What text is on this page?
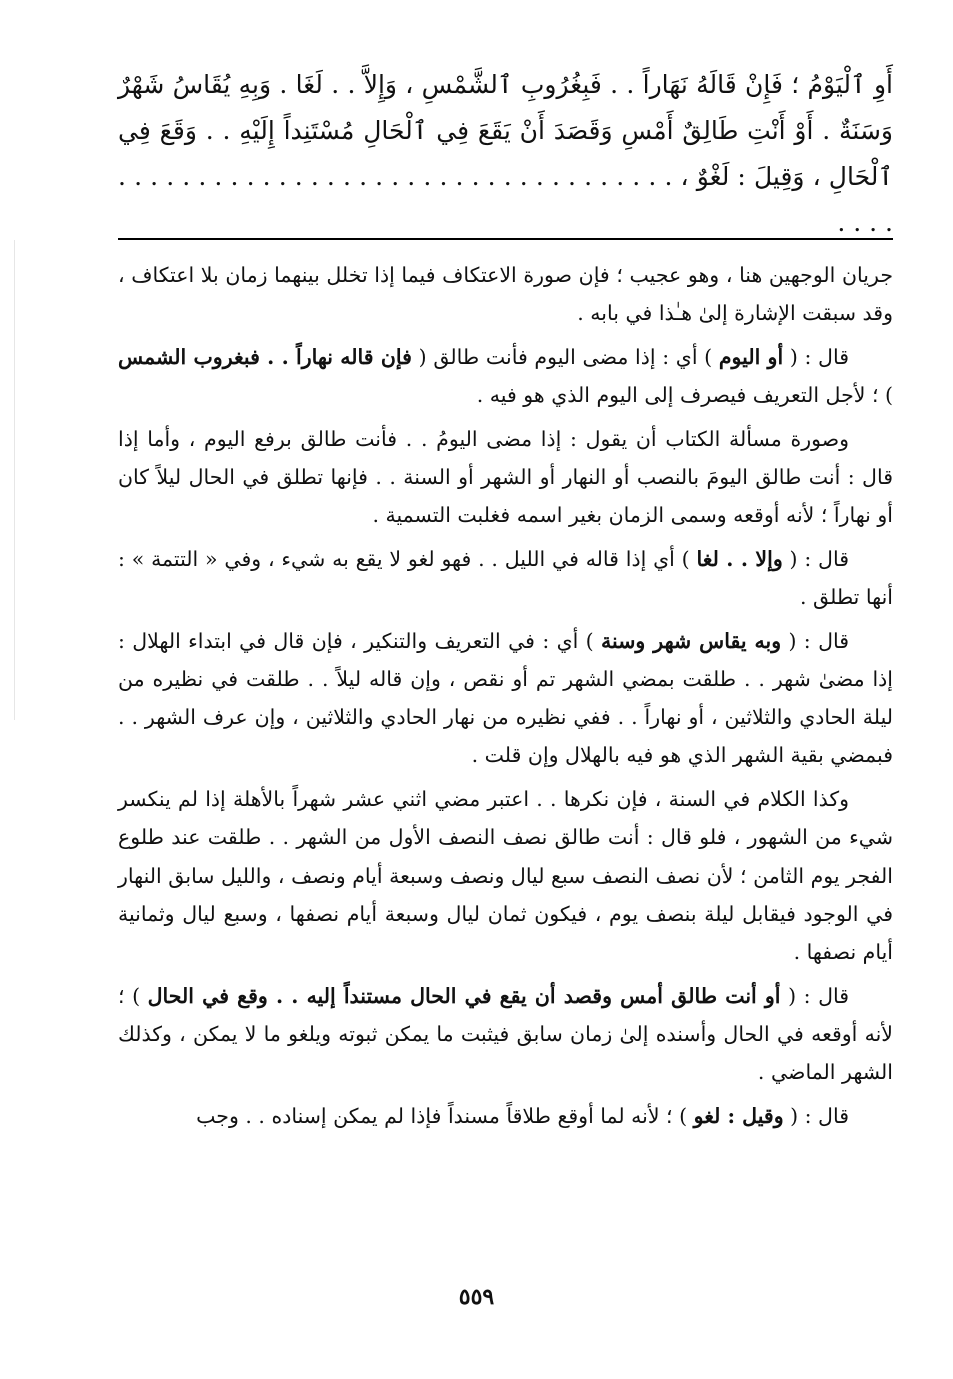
أَوِ ٱلْيَوْمُ ؛ فَإِنْ قَالَهُ نَهَاراً . . فَبِغُرُوبِ ٱلشَّمْسِ ، وَإِلاَّ . . لَغَا . وَبِهِ يُقَاسُ شَهْرٌ وَسَنَةٌ . أَوْ أَنْتِ طَالِقٌ أَمْسِ وَقَصَدَ أَنْ يَقَعَ فِي ٱلْحَالِ مُسْتَنِداً إِلَيْهِ . . وَقَعَ فِي ٱلْحَالِ ، وَقِيلَ : لَغْوٌ ، . . . . . . . . . . . . . . . . . . . . . . . . . . . . . . . . . . . . . . .

جريان الوجهين هنا ، وهو عجيب ؛ فإن صورة الاعتكاف فيما إذا تخلل بينهما زمان بلا اعتكاف ، وقد سبقت الإشارة إلىٰ هـٰذا في بابه .

قال : ( أو اليوم ) أي : إذا مضى اليوم فأنت طالق ( فإن قاله نهاراً . . فبغروب الشمس ) ؛ لأجل التعريف فيصرف إلى اليوم الذي هو فيه .

وصورة مسألة الكتاب أن يقول : إذا مضى اليومُ . . فأنت طالق برفع اليوم ، وأما إذا قال : أنت طالق اليومَ بالنصب أو النهار أو الشهر أو السنة . . فإنها تطلق في الحال ليلاً كان أو نهاراً ؛ لأنه أوقعه وسمى الزمان بغير اسمه فغلبت التسمية .

قال : ( وإلا . . لغا ) أي إذا قاله في الليل . . فهو لغو لا يقع به شيء ، وفي « التتمة » : أنها تطلق .

قال : ( وبه يقاس شهر وسنة ) أي : في التعريف والتنكير ، فإن قال في ابتداء الهلال : إذا مضىٰ شهر . . طلقت بمضي الشهر تم أو نقص ، وإن قاله ليلاً . . طلقت في نظيره من ليلة الحادي والثلاثين ، أو نهاراً . . ففي نظيره من نهار الحادي والثلاثين ، وإن عرف الشهر . . فبمضي بقية الشهر الذي هو فيه بالهلال وإن قلت .

وكذا الكلام في السنة ، فإن نكرها . . اعتبر مضي اثني عشر شهراً بالأهلة إذا لم ينكسر شيء من الشهور ، فلو قال : أنت طالق نصف النصف الأول من الشهر . . طلقت عند طلوع الفجر يوم الثامن ؛ لأن نصف النصف سبع ليال ونصف وسبعة أيام ونصف ، والليل سابق النهار في الوجود فيقابل ليلة بنصف يوم ، فيكون ثمان ليال وسبعة أيام نصفها ، وسبع ليال وثمانية أيام نصفها .

قال : ( أو أنت طالق أمس وقصد أن يقع في الحال مستنداً إليه . . وقع في الحال ) ؛ لأنه أوقعه في الحال وأسنده إلىٰ زمان سابق فيثبت ما يمكن ثبوته ويلغو ما لا يمكن ، وكذلك الشهر الماضي .

قال : ( وقيل : لغو ) ؛ لأنه لما أوقع طلاقاً مسنداً فإذا لم يمكن إسناده . . وجب

٥٥٩
